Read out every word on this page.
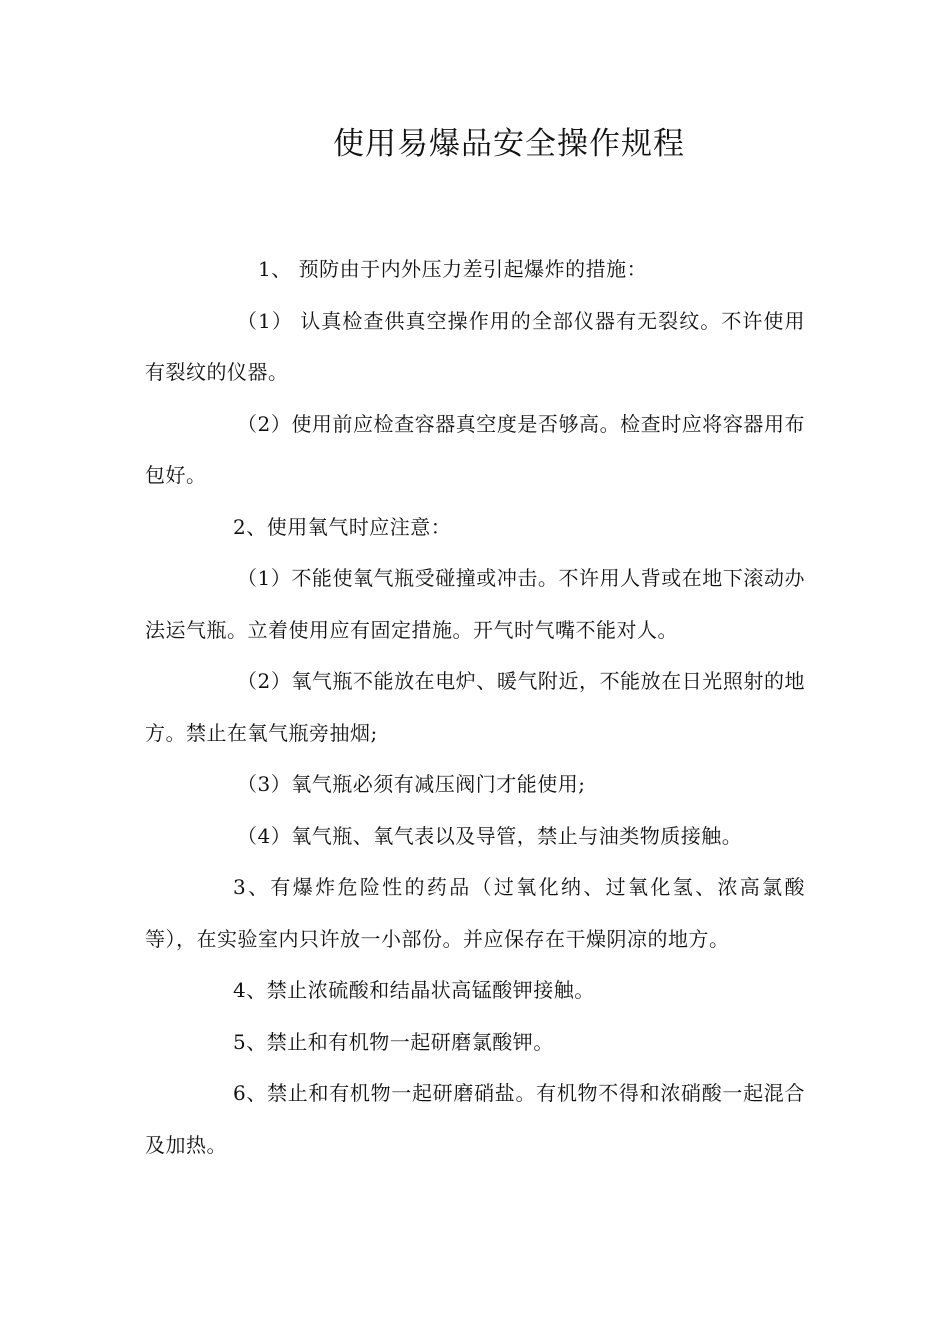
使用易爆品安全操作规程

1、 预防由于内外压力差引起爆炸的措施：

（1） 认真检查供真空操作用的全部仪器有无裂纹。不许使用有裂纹的仪器。

（2）使用前应检查容器真空度是否够高。检查时应将容器用布包好。

2、使用氧气时应注意：

（1）不能使氧气瓶受碰撞或冲击。不许用人背或在地下滚动办法运气瓶。立着使用应有固定措施。开气时气嘴不能对人。

（2）氧气瓶不能放在电炉、暖气附近，不能放在日光照射的地方。禁止在氧气瓶旁抽烟;

（3）氧气瓶必须有减压阀门才能使用;

（4）氧气瓶、氧气表以及导管，禁止与油类物质接触。

3、有爆炸危险性的药品（过氧化纳、过氧化氢、浓高氯酸等），在实验室内只许放一小部份。并应保存在干燥阴凉的地方。

4、禁止浓硫酸和结晶状高锰酸钾接触。

5、禁止和有机物一起研磨氯酸钾。

6、禁止和有机物一起研磨硝盐。有机物不得和浓硝酸一起混合及加热。
